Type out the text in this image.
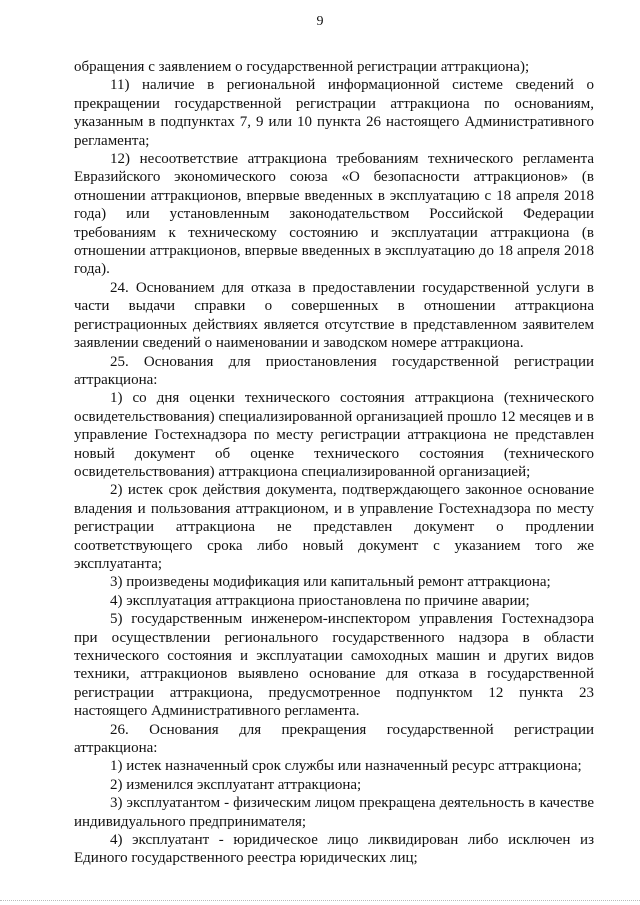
9

обращения с заявлением о государственной регистрации аттракциона);

11) наличие в региональной информационной системе сведений о прекращении государственной регистрации аттракциона по основаниям, указанным в подпунктах 7, 9 или 10 пункта 26 настоящего Административного регламента;

12) несоответствие аттракциона требованиям технического регламента Евразийского экономического союза «О безопасности аттракционов» (в отношении аттракционов, впервые введенных в эксплуатацию с 18 апреля 2018 года) или установленным законодательством Российской Федерации требованиям к техническому состоянию и эксплуатации аттракциона (в отношении аттракционов, впервые введенных в эксплуатацию до 18 апреля 2018 года).

24. Основанием для отказа в предоставлении государственной услуги в части выдачи справки о совершенных в отношении аттракциона регистрационных действиях является отсутствие в представленном заявителем заявлении сведений о наименовании и заводском номере аттракциона.

25. Основания для приостановления государственной регистрации аттракциона:

1) со дня оценки технического состояния аттракциона (технического освидетельствования) специализированной организацией прошло 12 месяцев и в управление Гостехнадзора по месту регистрации аттракциона не представлен новый документ об оценке технического состояния (технического освидетельствования) аттракциона специализированной организацией;

2) истек срок действия документа, подтверждающего законное основание владения и пользования аттракционом, и в управление Гостехнадзора по месту регистрации аттракциона не представлен документ о продлении соответствующего срока либо новый документ с указанием того же эксплуатанта;

3) произведены модификация или капитальный ремонт аттракциона;

4) эксплуатация аттракциона приостановлена по причине аварии;

5) государственным инженером-инспектором управления Гостехнадзора при осуществлении регионального государственного надзора в области технического состояния и эксплуатации самоходных машин и других видов техники, аттракционов выявлено основание для отказа в государственной регистрации аттракциона, предусмотренное подпунктом 12 пункта 23 настоящего Административного регламента.

26. Основания для прекращения государственной регистрации аттракциона:

1) истек назначенный срок службы или назначенный ресурс аттракциона;

2) изменился эксплуатант аттракциона;

3) эксплуатантом - физическим лицом прекращена деятельность в качестве индивидуального предпринимателя;

4) эксплуатант - юридическое лицо ликвидирован либо исключен из Единого государственного реестра юридических лиц;
